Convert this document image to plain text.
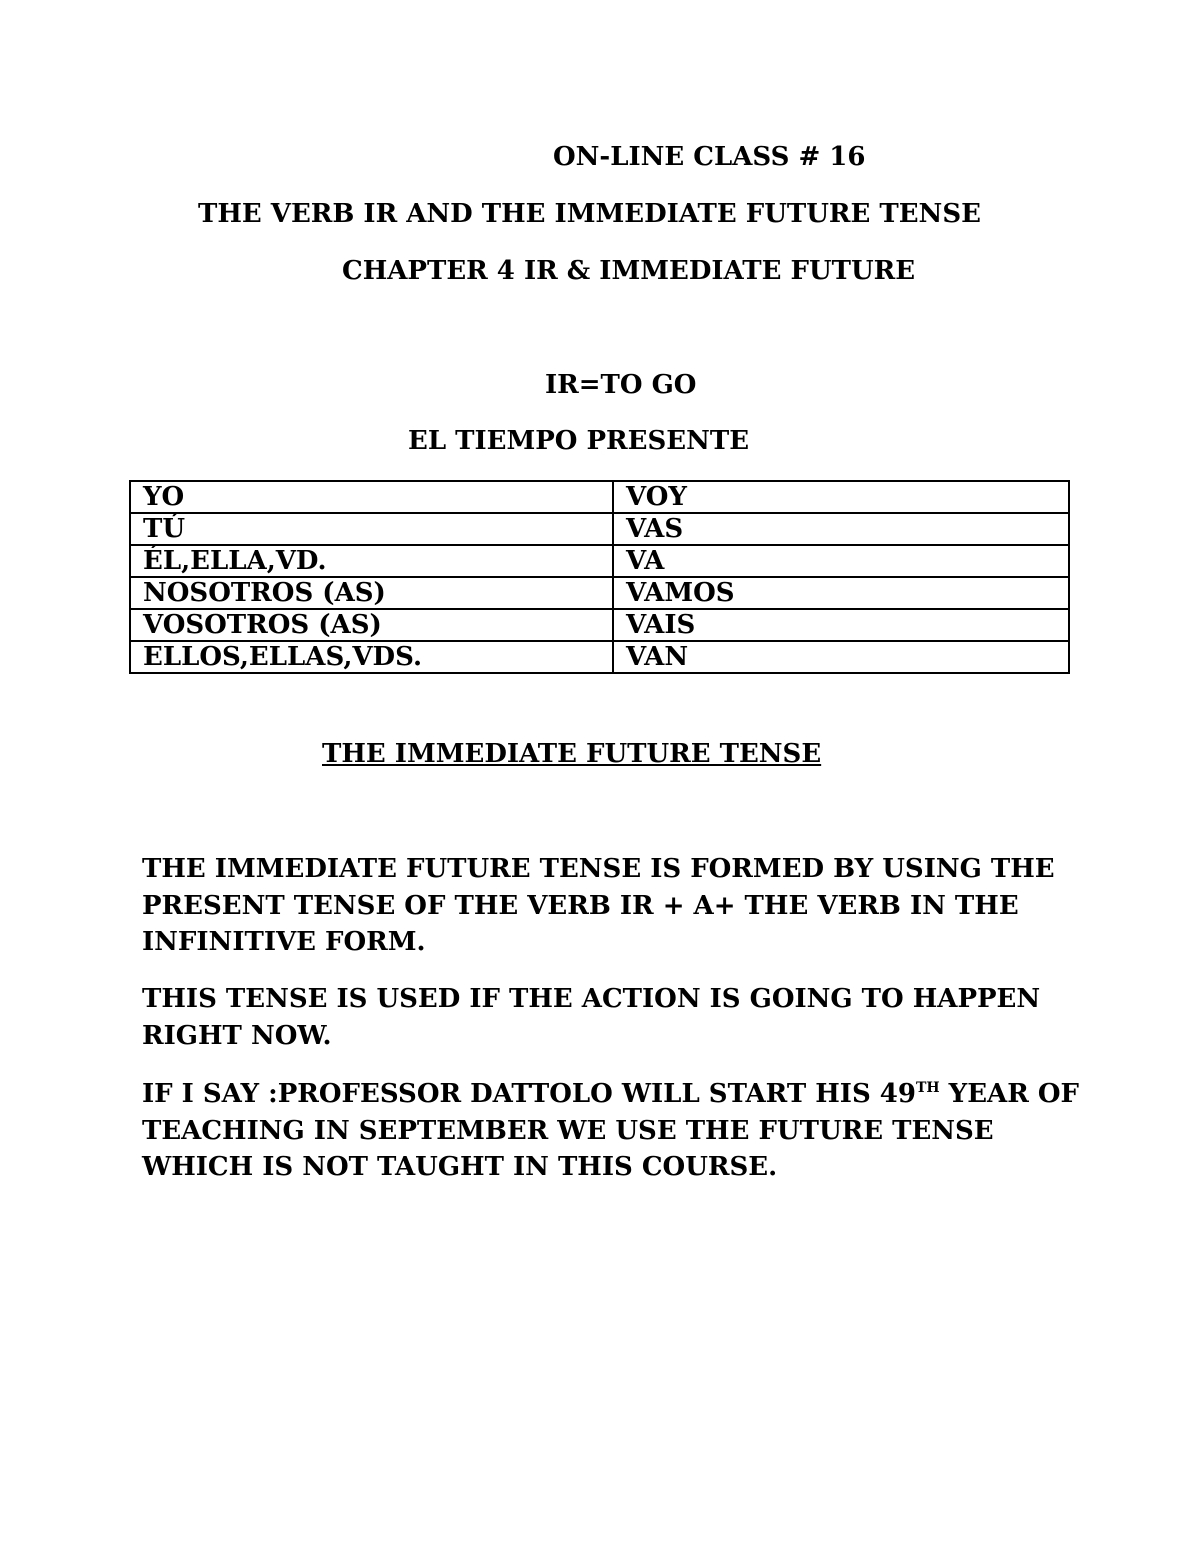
ON-LINE CLASS # 16
THE VERB IR AND THE IMMEDIATE FUTURE TENSE
CHAPTER 4 IR & IMMEDIATE FUTURE
IR=TO GO
EL TIEMPO PRESENTE
YO	VOY
TÚ	VAS
ÉL,ELLA,VD.	VA
NOSOTROS (AS)	VAMOS
VOSOTROS (AS)	VAIS
ELLOS,ELLAS,VDS.	VAN
THE IMMEDIATE FUTURE TENSE

THE IMMEDIATE FUTURE TENSE IS FORMED BY USING THE PRESENT TENSE OF THE VERB IR + A+ THE VERB IN THE INFINITIVE FORM.

THIS TENSE IS USED IF THE ACTION IS GOING TO HAPPEN RIGHT NOW.

IF I SAY :PROFESSOR DATTOLO WILL START HIS 49TH YEAR OF TEACHING IN SEPTEMBER WE USE THE FUTURE TENSE WHICH IS NOT TAUGHT IN THIS COURSE.
